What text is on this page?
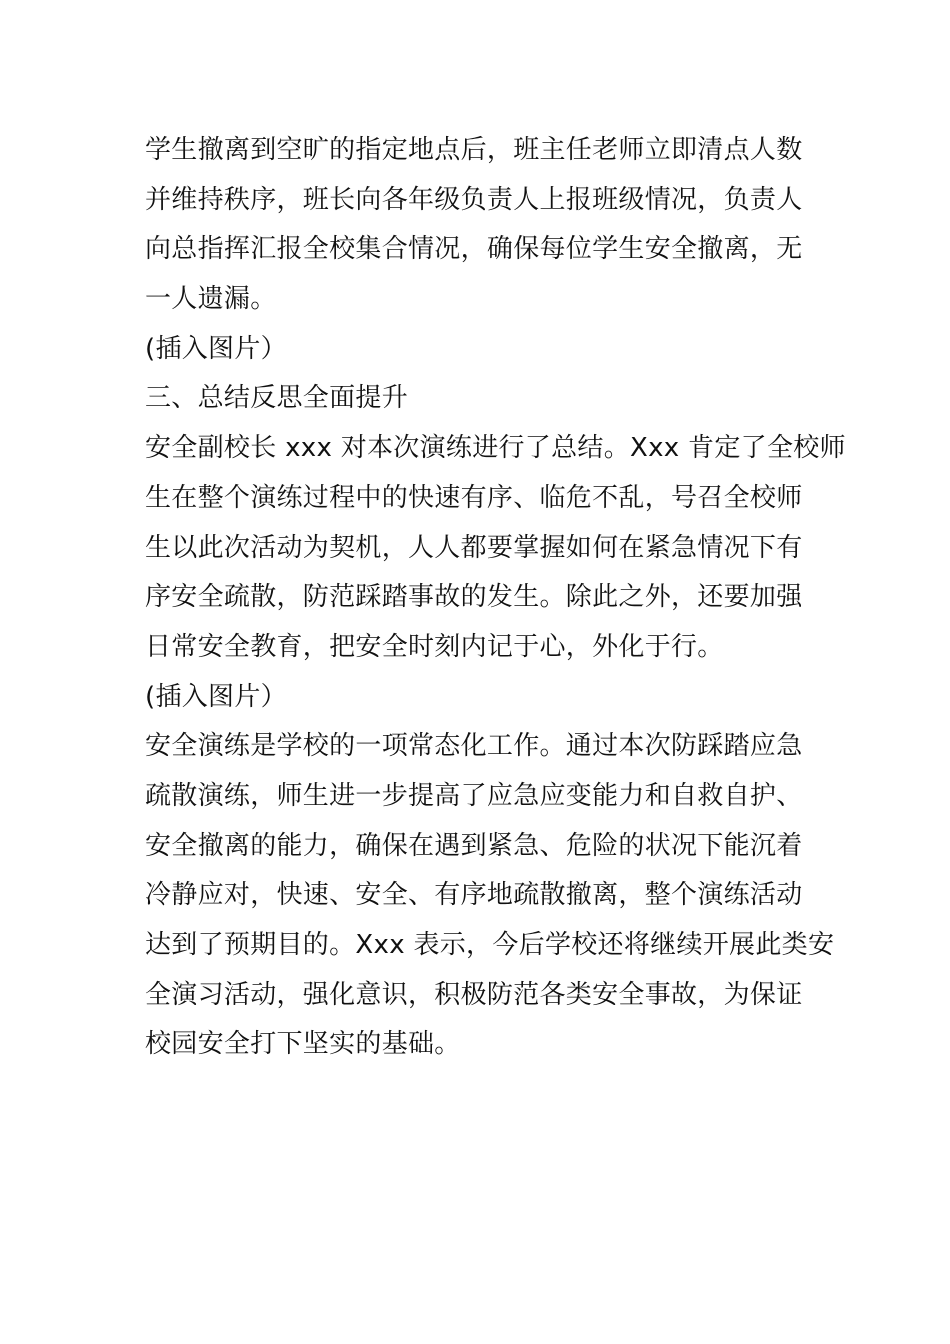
学生撤离到空旷的指定地点后，班主任老师立即清点人数
并维持秩序，班长向各年级负责人上报班级情况，负责人
向总指挥汇报全校集合情况，确保每位学生安全撤离，无
一人遗漏。
(插入图片）
三、总结反思全面提升
安全副校长 xxx 对本次演练进行了总结。Xxx 肯定了全校师
生在整个演练过程中的快速有序、临危不乱，号召全校师
生以此次活动为契机，人人都要掌握如何在紧急情况下有
序安全疏散，防范踩踏事故的发生。除此之外，还要加强
日常安全教育，把安全时刻内记于心，外化于行。
(插入图片）
安全演练是学校的一项常态化工作。通过本次防踩踏应急
疏散演练，师生进一步提高了应急应变能力和自救自护、
安全撤离的能力，确保在遇到紧急、危险的状况下能沉着
冷静应对，快速、安全、有序地疏散撤离，整个演练活动
达到了预期目的。Xxx 表示，今后学校还将继续开展此类安
全演习活动，强化意识，积极防范各类安全事故，为保证
校园安全打下坚实的基础。
